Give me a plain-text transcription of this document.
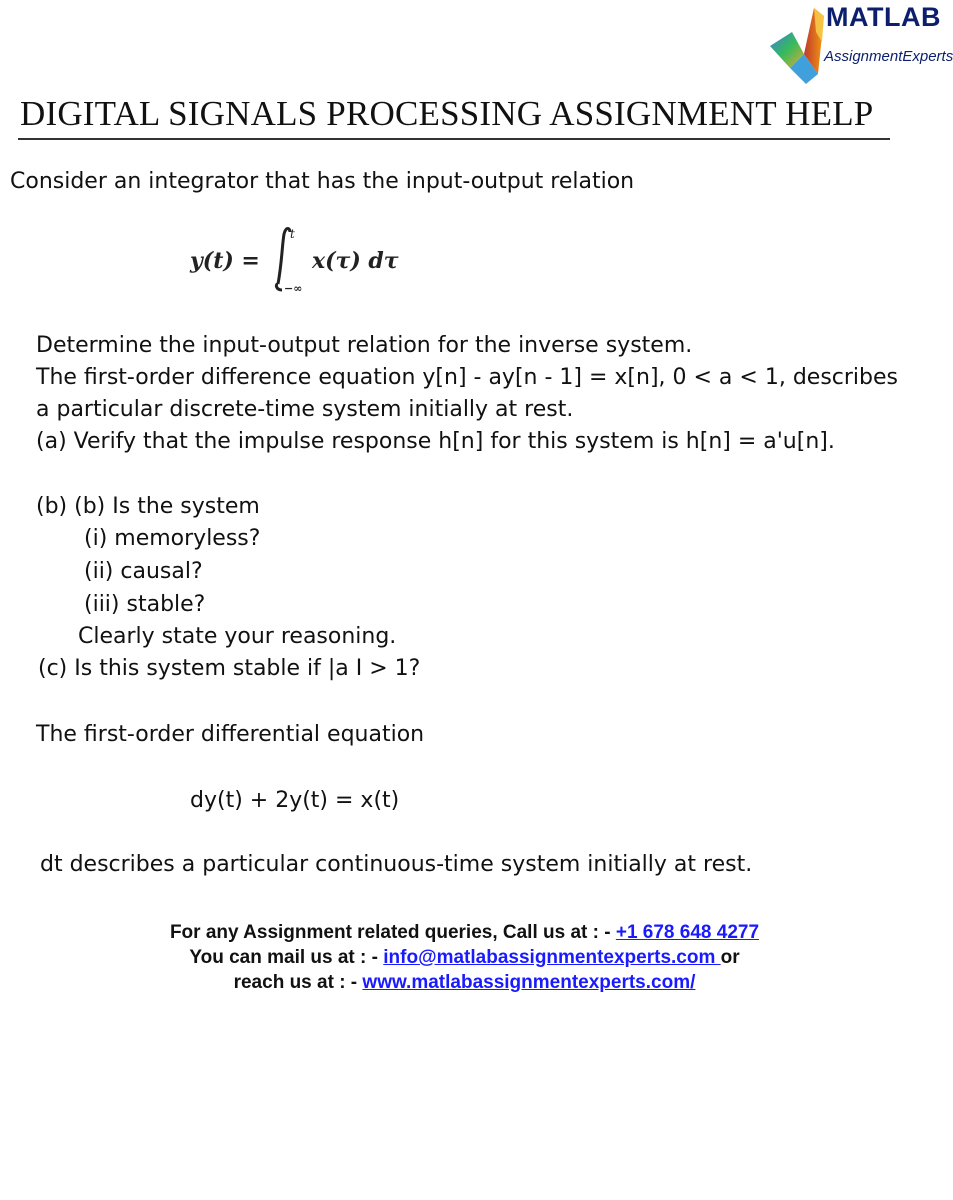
MATLAB
AssignmentExperts
DIGITAL SIGNALS PROCESSING ASSIGNMENT HELP
Consider an integrator that has the input-output relation
y(t) =
t
−∞
x(τ) dτ
Determine the input-output relation for the inverse system.
The first-order difference equation y[n] - ay[n - 1] = x[n], 0 < a < 1, describes
a particular discrete-time system initially at rest.
(a) Verify that the impulse response h[n] for this system is h[n] = a'u[n].
(b) (b) Is the system
(i) memoryless?
(ii) causal?
(iii) stable?
Clearly state your reasoning.
(c) Is this system stable if |a I > 1?
The first-order differential equation
dy(t) + 2y(t) = x(t)
dt describes a particular continuous-time system initially at rest.
For any Assignment related queries, Call us at : - +1 678 648 4277
You can mail us at : - info@matlabassignmentexperts.com or
reach us at : - www.matlabassignmentexperts.com/
